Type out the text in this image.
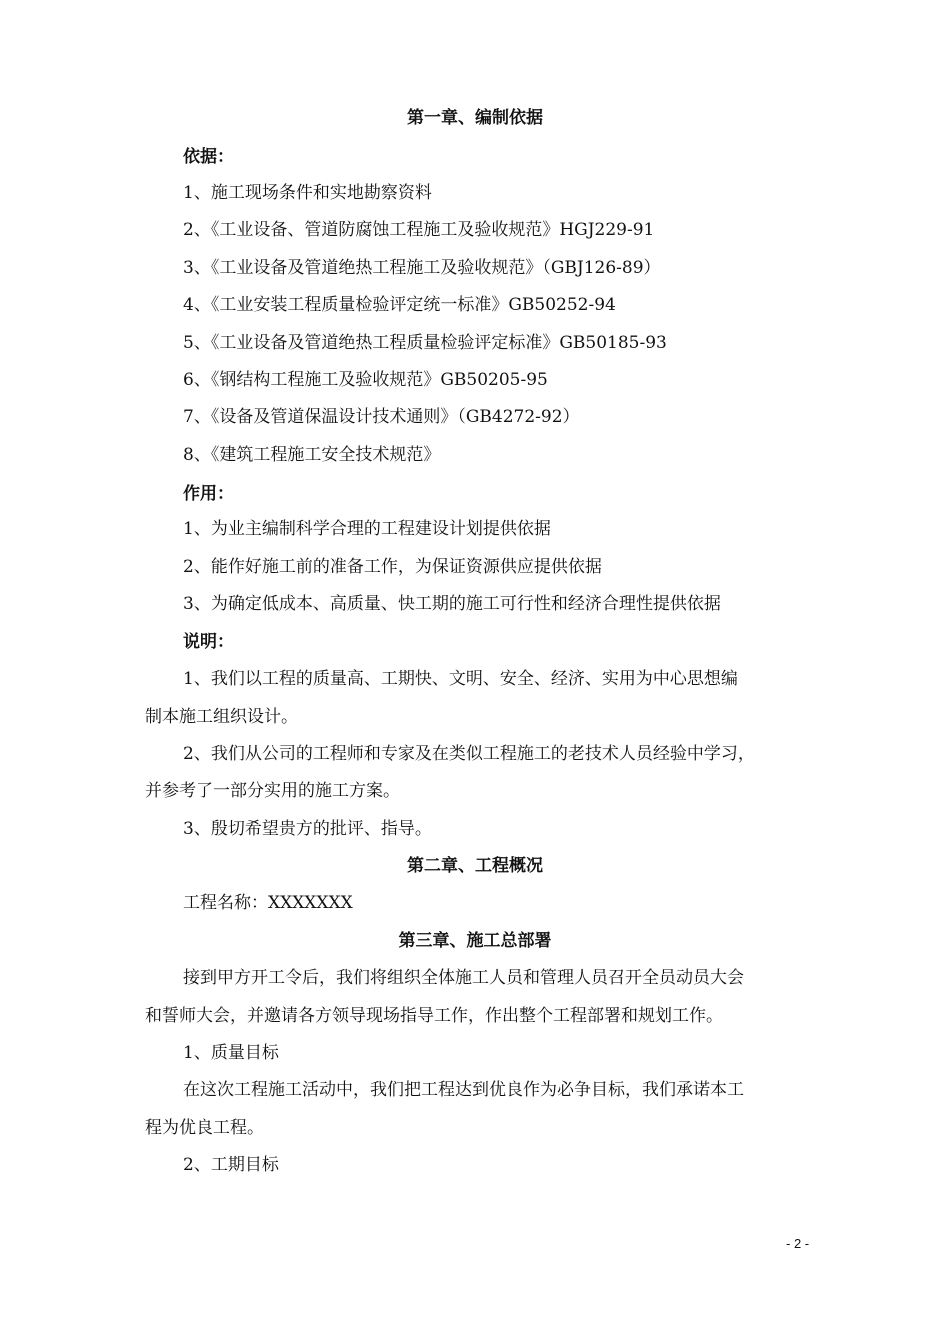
第一章、编制依据
依据：
1、施工现场条件和实地勘察资料
2、《工业设备、管道防腐蚀工程施工及验收规范》HGJ229-91
3、《工业设备及管道绝热工程施工及验收规范》（GBJ126-89）
4、《工业安装工程质量检验评定统一标准》GB50252-94
5、《工业设备及管道绝热工程质量检验评定标准》GB50185-93
6、《钢结构工程施工及验收规范》GB50205-95
7、《设备及管道保温设计技术通则》（GB4272-92）
8、《建筑工程施工安全技术规范》
作用：
1、为业主编制科学合理的工程建设计划提供依据
2、能作好施工前的准备工作，为保证资源供应提供依据
3、为确定低成本、高质量、快工期的施工可行性和经济合理性提供依据
说明：
1、我们以工程的质量高、工期快、文明、安全、经济、实用为中心思想编
制本施工组织设计。
2、我们从公司的工程师和专家及在类似工程施工的老技术人员经验中学习，
并参考了一部分实用的施工方案。
3、殷切希望贵方的批评、指导。
第二章、工程概况
工程名称：XXXXXXX
第三章、施工总部署
接到甲方开工令后，我们将组织全体施工人员和管理人员召开全员动员大会
和誓师大会，并邀请各方领导现场指导工作，作出整个工程部署和规划工作。
1、质量目标
在这次工程施工活动中，我们把工程达到优良作为必争目标，我们承诺本工
程为优良工程。
2、工期目标
- 2 -
